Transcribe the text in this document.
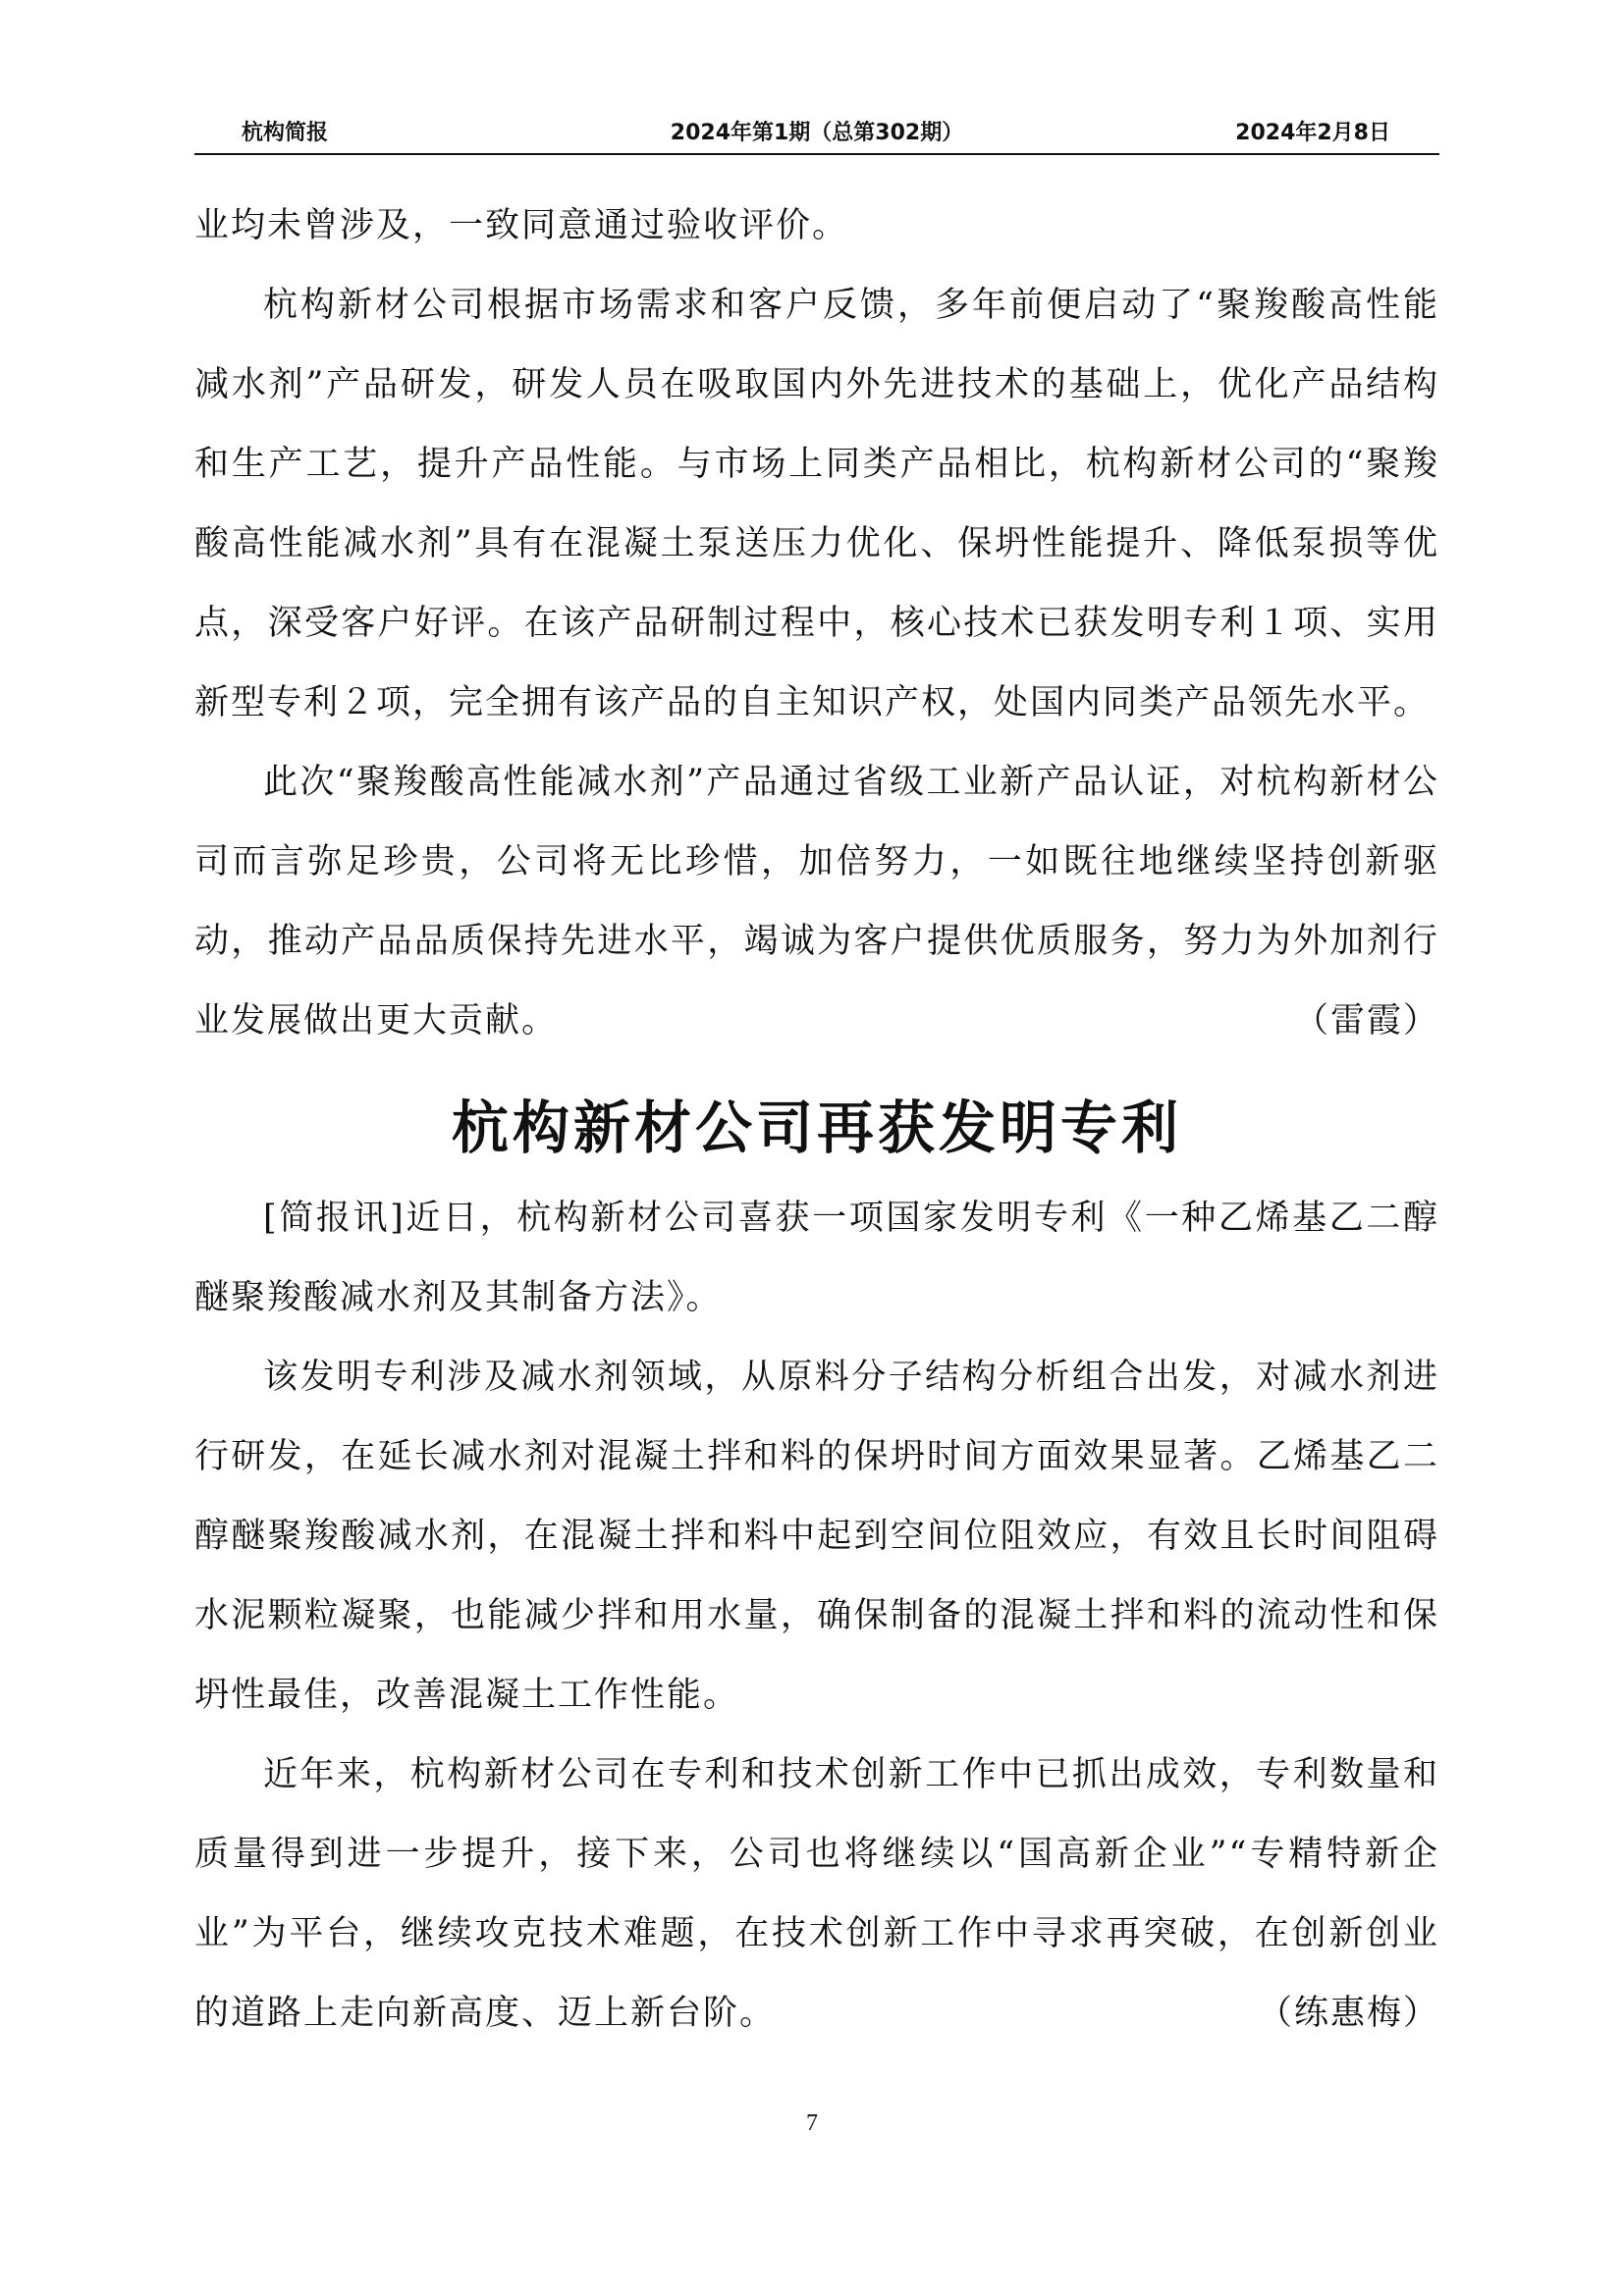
杭构简报	2024年第1期（总第302期）	2024年2月8日

业均未曾涉及，一致同意通过验收评价。

杭构新材公司根据市场需求和客户反馈，多年前便启动了“聚羧酸高性能减水剂”产品研发，研发人员在吸取国内外先进技术的基础上，优化产品结构和生产工艺，提升产品性能。与市场上同类产品相比，杭构新材公司的“聚羧酸高性能减水剂”具有在混凝土泵送压力优化、保坍性能提升、降低泵损等优点，深受客户好评。在该产品研制过程中，核心技术已获发明专利１项、实用新型专利２项，完全拥有该产品的自主知识产权，处国内同类产品领先水平。

此次“聚羧酸高性能减水剂”产品通过省级工业新产品认证，对杭构新材公司而言弥足珍贵，公司将无比珍惜，加倍努力，一如既往地继续坚持创新驱动，推动产品品质保持先进水平，竭诚为客户提供优质服务，努力为外加剂行业发展做出更大贡献。	（雷霞）
杭构新材公司再获发明专利

[简报讯]近日，杭构新材公司喜获一项国家发明专利《一种乙烯基乙二醇醚聚羧酸减水剂及其制备方法》。

该发明专利涉及减水剂领域，从原料分子结构分析组合出发，对减水剂进行研发，在延长减水剂对混凝土拌和料的保坍时间方面效果显著。乙烯基乙二醇醚聚羧酸减水剂，在混凝土拌和料中起到空间位阻效应，有效且长时间阻碍水泥颗粒凝聚，也能减少拌和用水量，确保制备的混凝土拌和料的流动性和保坍性最佳，改善混凝土工作性能。

近年来，杭构新材公司在专利和技术创新工作中已抓出成效，专利数量和质量得到进一步提升，接下来，公司也将继续以“国高新企业”“专精特新企业”为平台，继续攻克技术难题，在技术创新工作中寻求再突破，在创新创业的道路上走向新高度、迈上新台阶。	（练惠梅）
7
